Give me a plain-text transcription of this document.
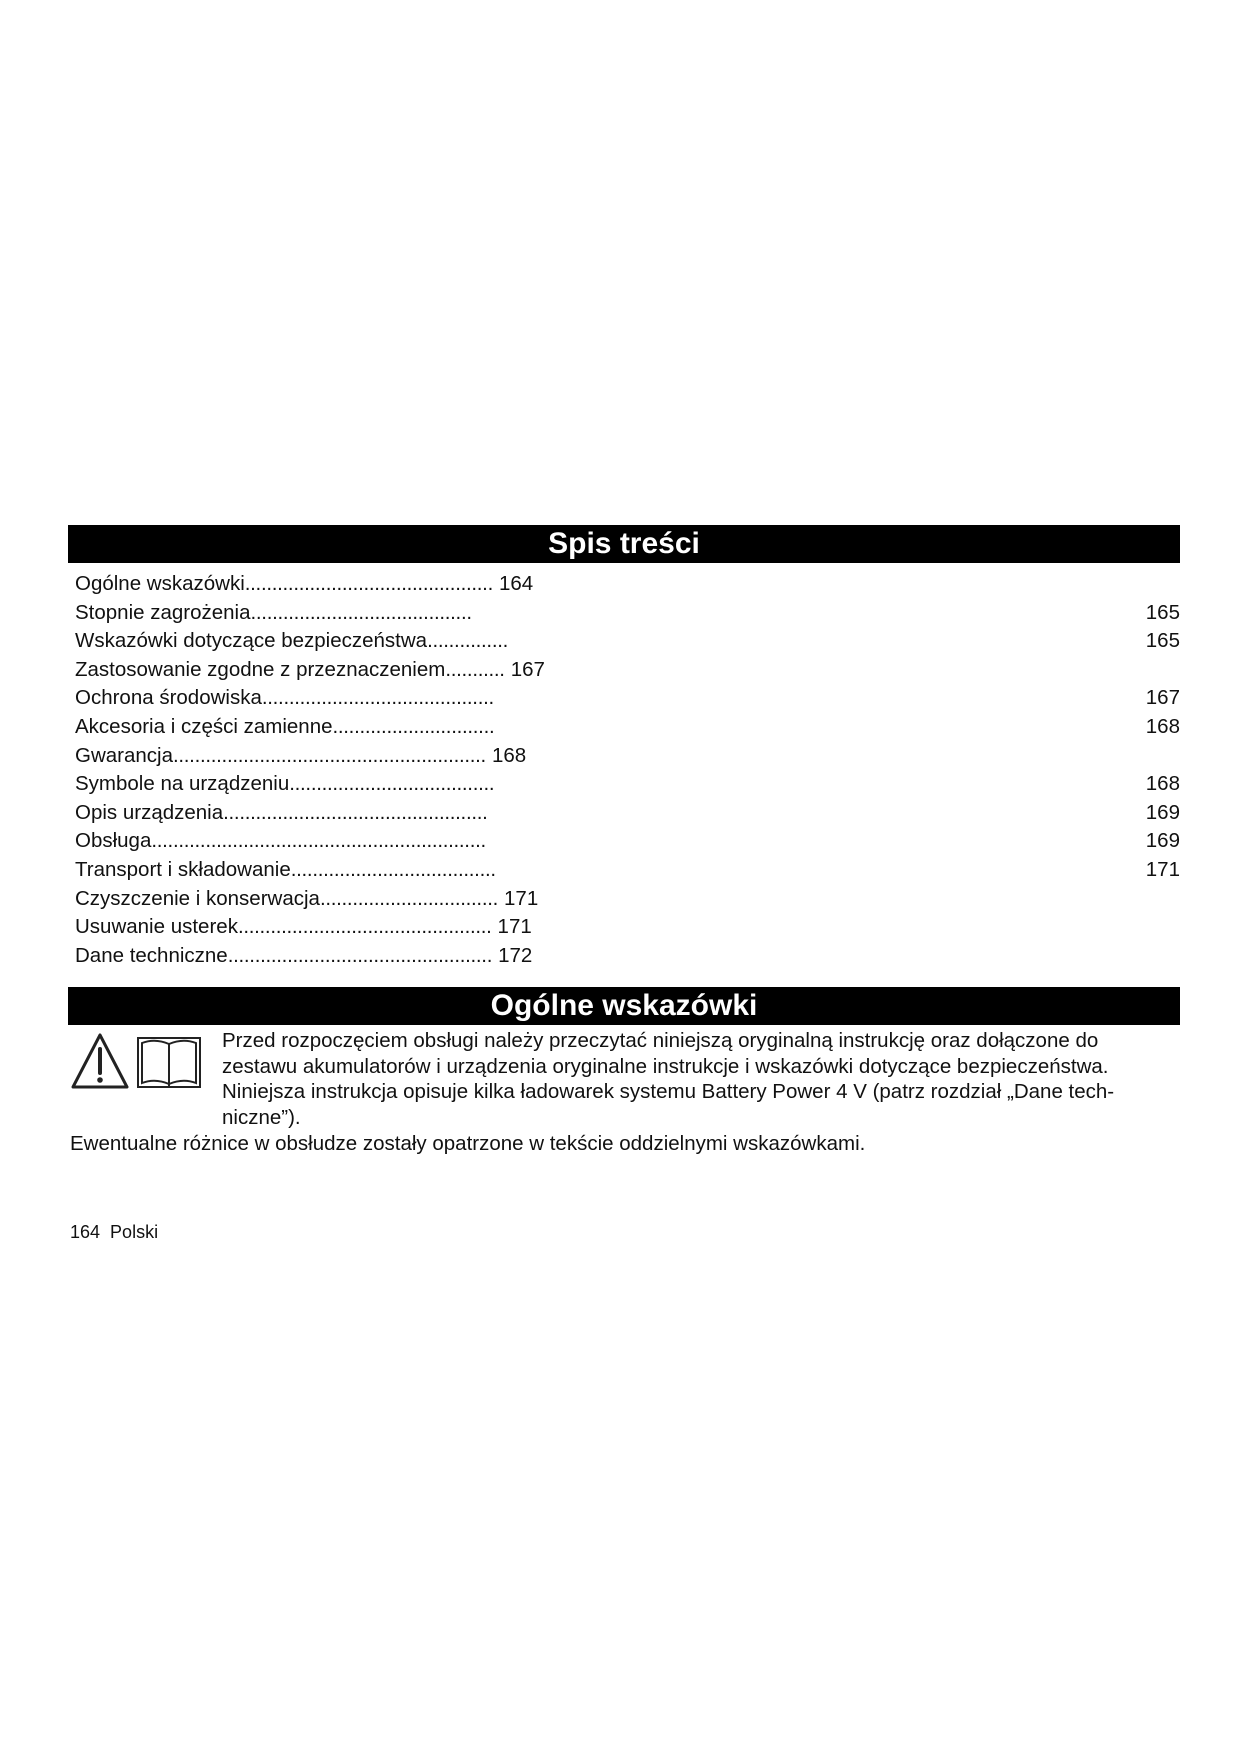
Spis treści
Ogólne wskazówki.............................................. 164
Stopnie zagrożenia.........................................	165
Wskazówki dotyczące bezpieczeństwa...............	165
Zastosowanie zgodne z przeznaczeniem........... 167
Ochrona środowiska...........................................	167
Akcesoria i części zamienne..............................	168
Gwarancja.......................................................... 168
Symbole na urządzeniu......................................	168
Opis urządzenia.................................................	169
Obsługa..............................................................	169
Transport i składowanie......................................	171
Czyszczenie i konserwacja................................. 171
Usuwanie usterek............................................... 171
Dane techniczne................................................. 172
Ogólne wskazówki
Przed rozpoczęciem obsługi należy przeczytać niniejszą oryginalną instrukcję oraz dołączone do
zestawu akumulatorów i urządzenia oryginalne instrukcje i wskazówki dotyczące bezpieczeństwa.
Niniejsza instrukcja opisuje kilka ładowarek systemu Battery Power 4 V (patrz rozdział „Dane tech-
niczne”).
Ewentualne różnice w obsłudze zostały opatrzone w tekście oddzielnymi wskazówkami.
164 Polski
